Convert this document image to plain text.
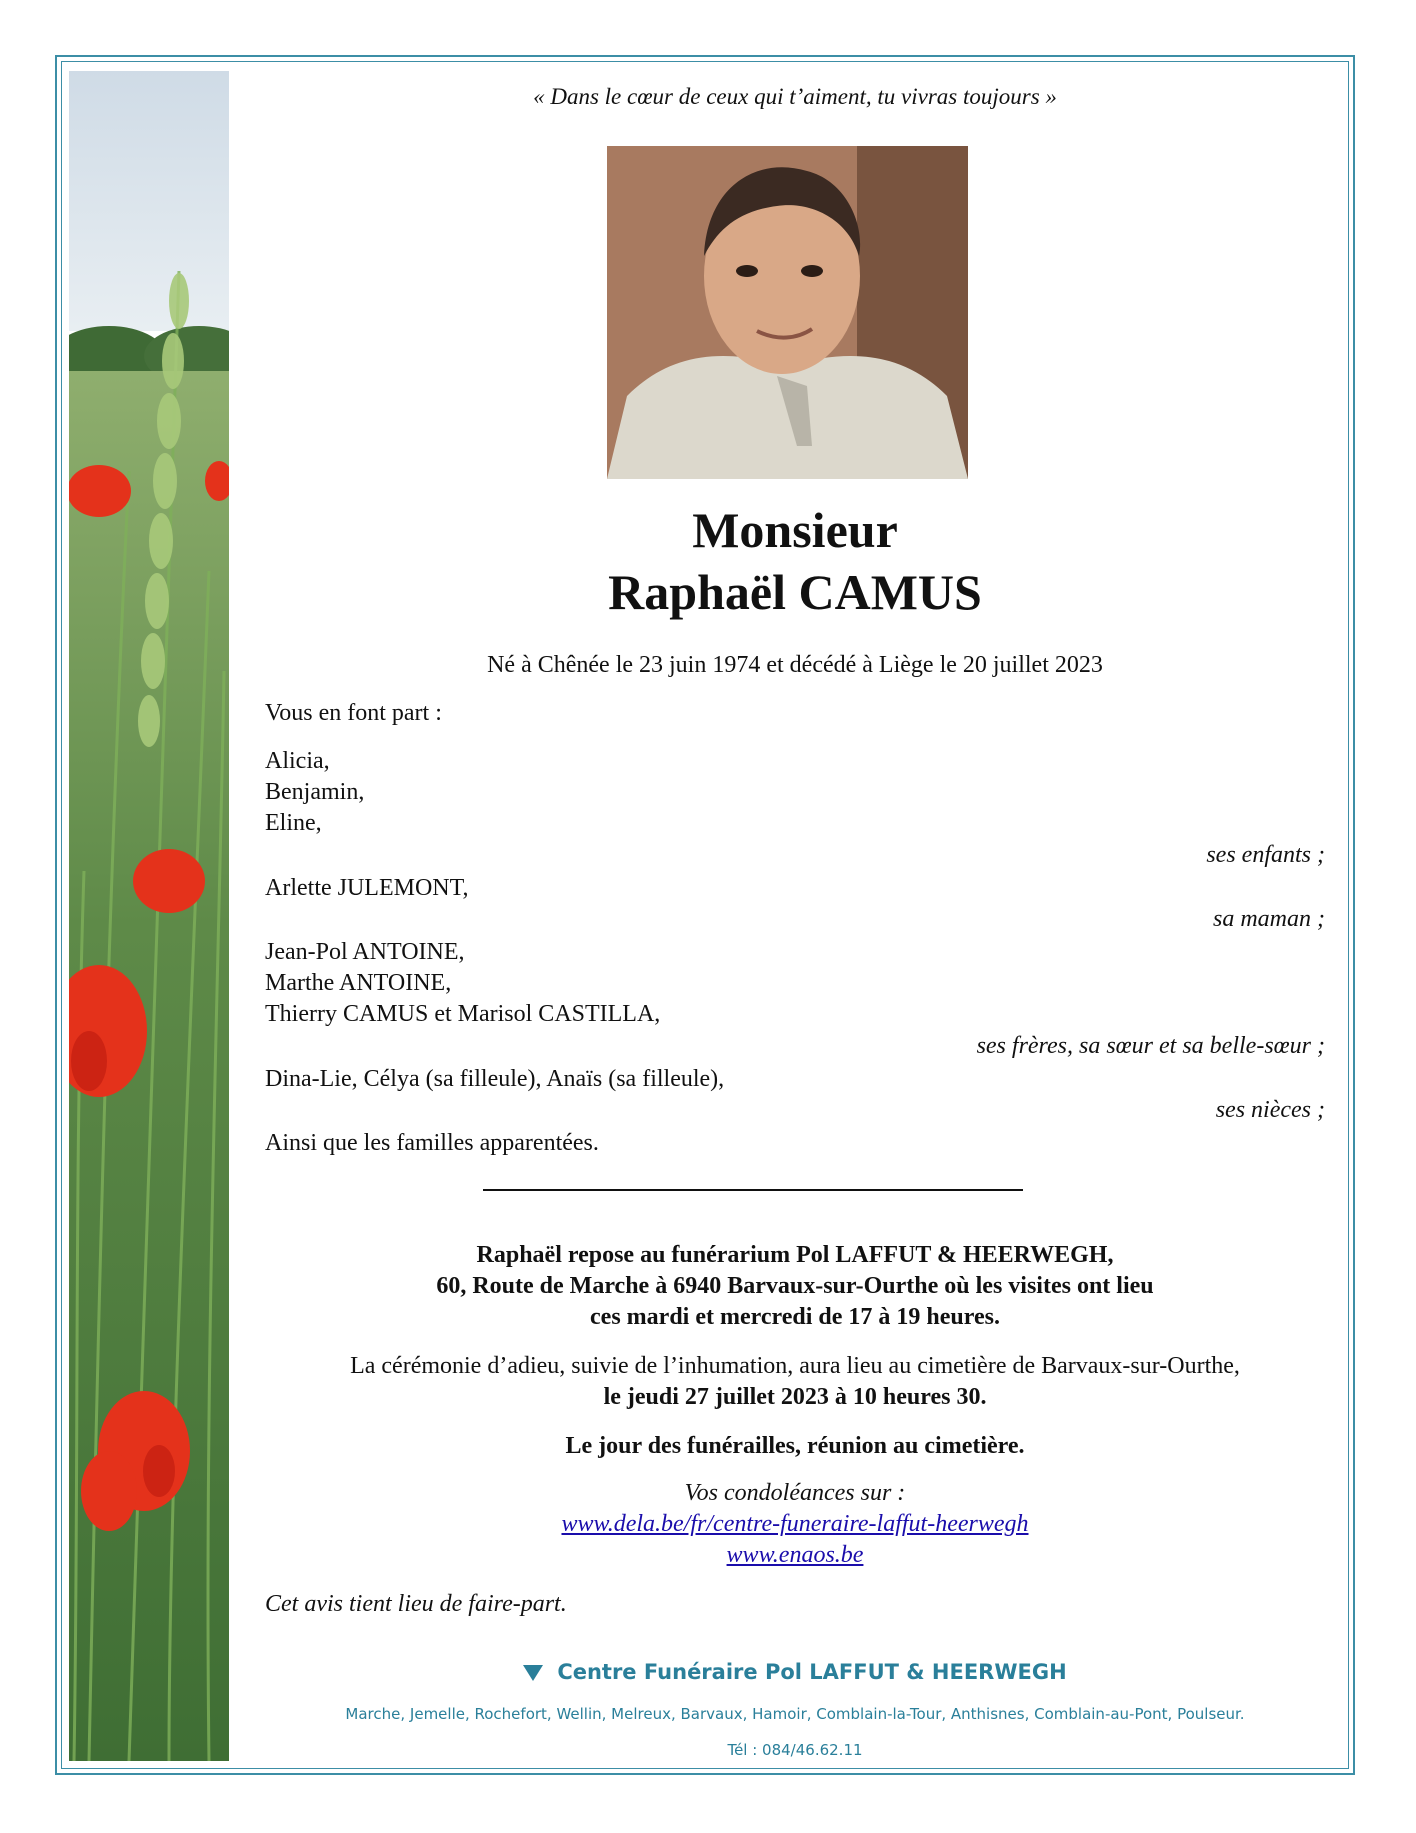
« Dans le cœur de ceux qui t’aiment, tu vivras toujours »
Monsieur
Raphaël CAMUS
Né à Chênée le 23 juin 1974 et décédé à Liège le 20 juillet 2023
Vous en font part :
Alicia,
Benjamin,
Eline,
ses enfants ;
Arlette JULEMONT,
sa maman ;
Jean-Pol ANTOINE,
Marthe ANTOINE,
Thierry CAMUS et Marisol CASTILLA,
ses frères, sa sœur et sa belle-sœur ;
Dina-Lie, Célya (sa filleule), Anaïs (sa filleule),
ses nièces ;
Ainsi que les familles apparentées.
Raphaël repose au funérarium Pol LAFFUT & HEERWEGH,
60, Route de Marche à 6940 Barvaux-sur-Ourthe où les visites ont lieu
ces mardi et mercredi de 17 à 19 heures.
La cérémonie d’adieu, suivie de l’inhumation, aura lieu au cimetière de Barvaux-sur-Ourthe,
le jeudi 27 juillet 2023 à 10 heures 30.
Le jour des funérailles, réunion au cimetière.
Vos condoléances sur :
www.dela.be/fr/centre-funeraire-laffut-heerwegh
www.enaos.be
Cet avis tient lieu de faire-part.
Centre Funéraire Pol LAFFUT & HEERWEGH
Marche, Jemelle, Rochefort, Wellin, Melreux, Barvaux, Hamoir, Comblain-la-Tour, Anthisnes, Comblain-au-Pont, Poulseur.
Tél : 084/46.62.11
